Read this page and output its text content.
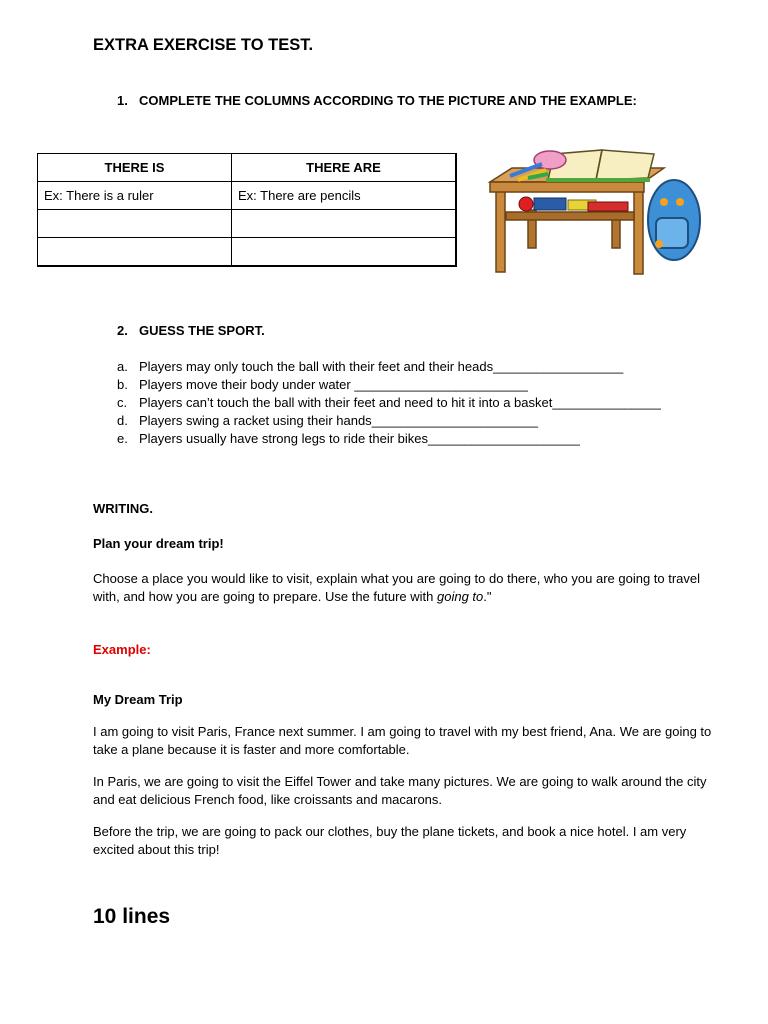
EXTRA EXERCISE TO TEST.
1. COMPLETE THE COLUMNS ACCORDING TO THE PICTURE AND THE EXAMPLE:
THERE IS	THERE ARE
Ex: There is a ruler	Ex: There are pencils

2. GUESS THE SPORT.
a. Players may only touch the ball with their feet and their heads__________________
b. Players move their body under water ________________________
c. Players can’t touch the ball with their feet and need to hit it into a basket_______________
d. Players swing a racket using their hands_______________________
e. Players usually have strong legs to ride their bikes_____________________
WRITING.
Plan your dream trip!
Choose a place you would like to visit, explain what you are going to do there, who you are going to travel with, and how you are going to prepare. Use the future with going to."
Example:
My Dream Trip
I am going to visit Paris, France next summer. I am going to travel with my best friend, Ana. We are going to take a plane because it is faster and more comfortable.
In Paris, we are going to visit the Eiffel Tower and take many pictures. We are going to walk around the city and eat delicious French food, like croissants and macarons.
Before the trip, we are going to pack our clothes, buy the plane tickets, and book a nice hotel. I am very excited about this trip!
10 lines
